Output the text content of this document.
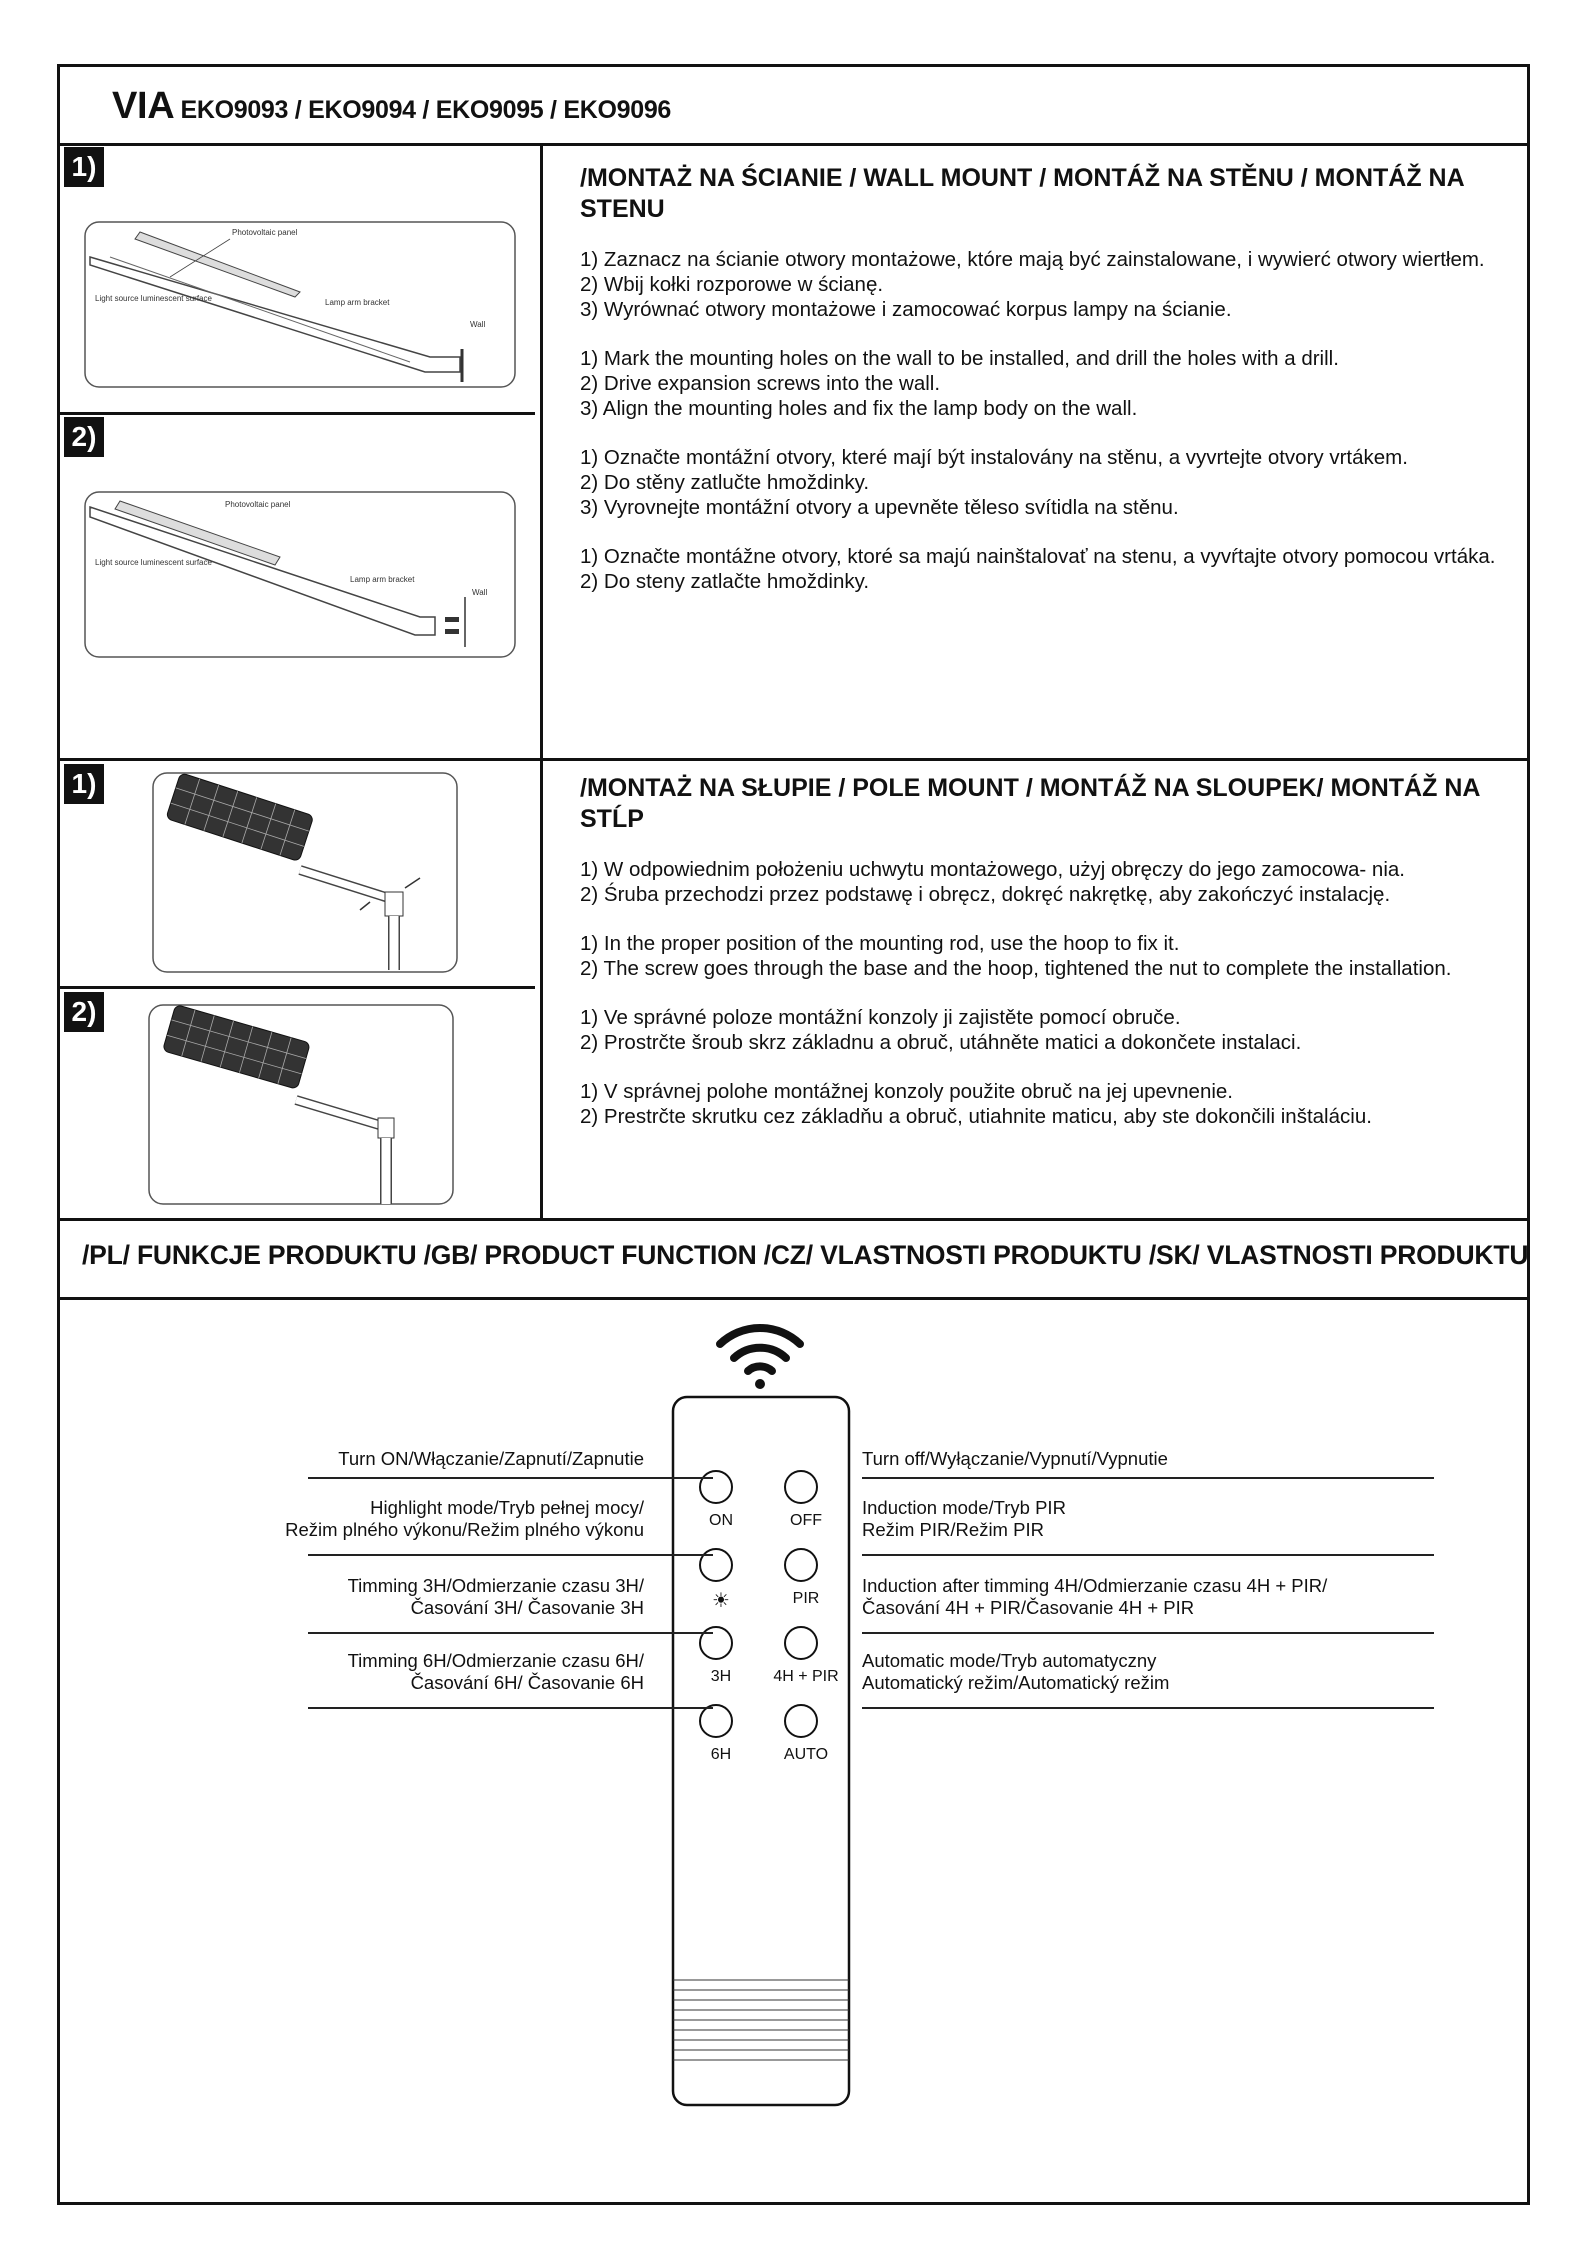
VIA EKO9093 / EKO9094 / EKO9095 / EKO9096
1)
2)
Photovoltaic panel
Light source luminescent surface	Lamp arm bracket
Wall
Photovoltaic panel
Light source luminescent surface
Lamp arm bracket
Wall
/MONTAŻ NA ŚCIANIE / WALL MOUNT / MONTÁŽ NA STĚNU / MONTÁŽ NA STENU

1) Zaznacz na ścianie otwory montażowe, które mają być zainstalowane, i wywierć otwory wiertłem.
2) Wbij kołki rozporowe w ścianę.
3) Wyrównać otwory montażowe i zamocować korpus lampy na ścianie.

1) Mark the mounting holes on the wall to be installed, and drill the holes with a drill.
2) Drive expansion screws into the wall.
3) Align the mounting holes and fix the lamp body on the wall.

1) Označte montážní otvory, které mají být instalovány na stěnu, a vyvrtejte otvory vrtákem.
2) Do stěny zatlučte hmoždinky.
3) Vyrovnejte montážní otvory a upevněte těleso svítidla na stěnu.

1) Označte montážne otvory, ktoré sa majú nainštalovať na stenu, a vyvŕtajte otvory pomocou vrtáka.
2) Do steny zatlačte hmoždinky.

1)
2)
/MONTAŻ NA SŁUPIE / POLE MOUNT / MONTÁŽ NA SLOUPEK/ MONTÁŽ NA STĹP

1) W odpowiednim położeniu uchwytu montażowego, użyj obręczy do jego zamocowa- nia.
2) Śruba przechodzi przez podstawę i obręcz, dokręć nakrętkę, aby zakończyć instalację.

1) In the proper position of the mounting rod, use the hoop to fix it.
2) The screw goes through the base and the hoop, tightened the nut to complete the installation.

1) Ve správné poloze montážní konzoly ji zajistěte pomocí obruče.
2) Prostrčte šroub skrz základnu a obruč, utáhněte matici a dokončete instalaci.

1) V správnej polohe montážnej konzoly použite obruč na jej upevnenie.
2) Prestrčte skrutku cez základňu a obruč, utiahnite maticu, aby ste dokončili inštaláciu.

/PL/ FUNKCJE PRODUKTU /GB/ PRODUCT FUNCTION /CZ/ VLASTNOSTI PRODUKTU /SK/ VLASTNOSTI PRODUKTU
ON	OFF
☀	PIR
3H	4H + PIR
6H	AUTO
Turn ON/Włączanie/Zapnutí/Zapnutie
Highlight mode/Tryb pełnej mocy/
Režim plného výkonu/Režim plného výkonu
Timming 3H/Odmierzanie czasu 3H/
Časování 3H/ Časovanie 3H
Timming 6H/Odmierzanie czasu 6H/
Časování 6H/ Časovanie 6H
Turn off/Wyłączanie/Vypnutí/Vypnutie
Induction mode/Tryb PIR
Režim PIR/Režim PIR
Induction after timming 4H/Odmierzanie czasu 4H + PIR/
Časování 4H + PIR/Časovanie 4H + PIR
Automatic mode/Tryb automatyczny
Automatický režim/Automatický režim
